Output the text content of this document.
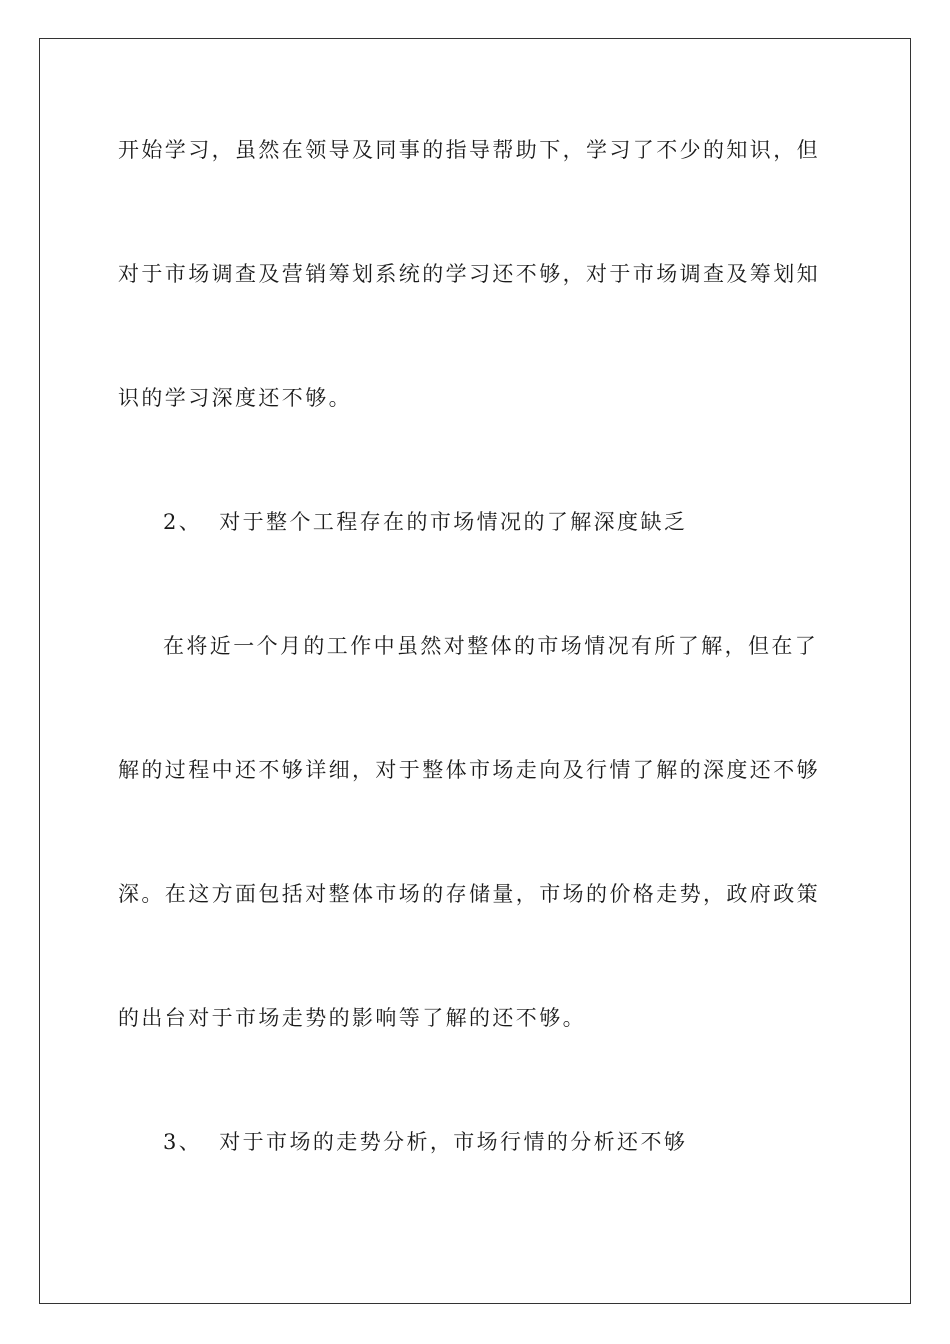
开始学习，虽然在领导及同事的指导帮助下，学习了不少的知识，但
对于市场调查及营销筹划系统的学习还不够，对于市场调查及筹划知
识的学习深度还不够。
2、 对于整个工程存在的市场情况的了解深度缺乏
在将近一个月的工作中虽然对整体的市场情况有所了解，但在了
解的过程中还不够详细，对于整体市场走向及行情了解的深度还不够
深。在这方面包括对整体市场的存储量，市场的价格走势，政府政策
的出台对于市场走势的影响等了解的还不够。
3、 对于市场的走势分析，市场行情的分析还不够
